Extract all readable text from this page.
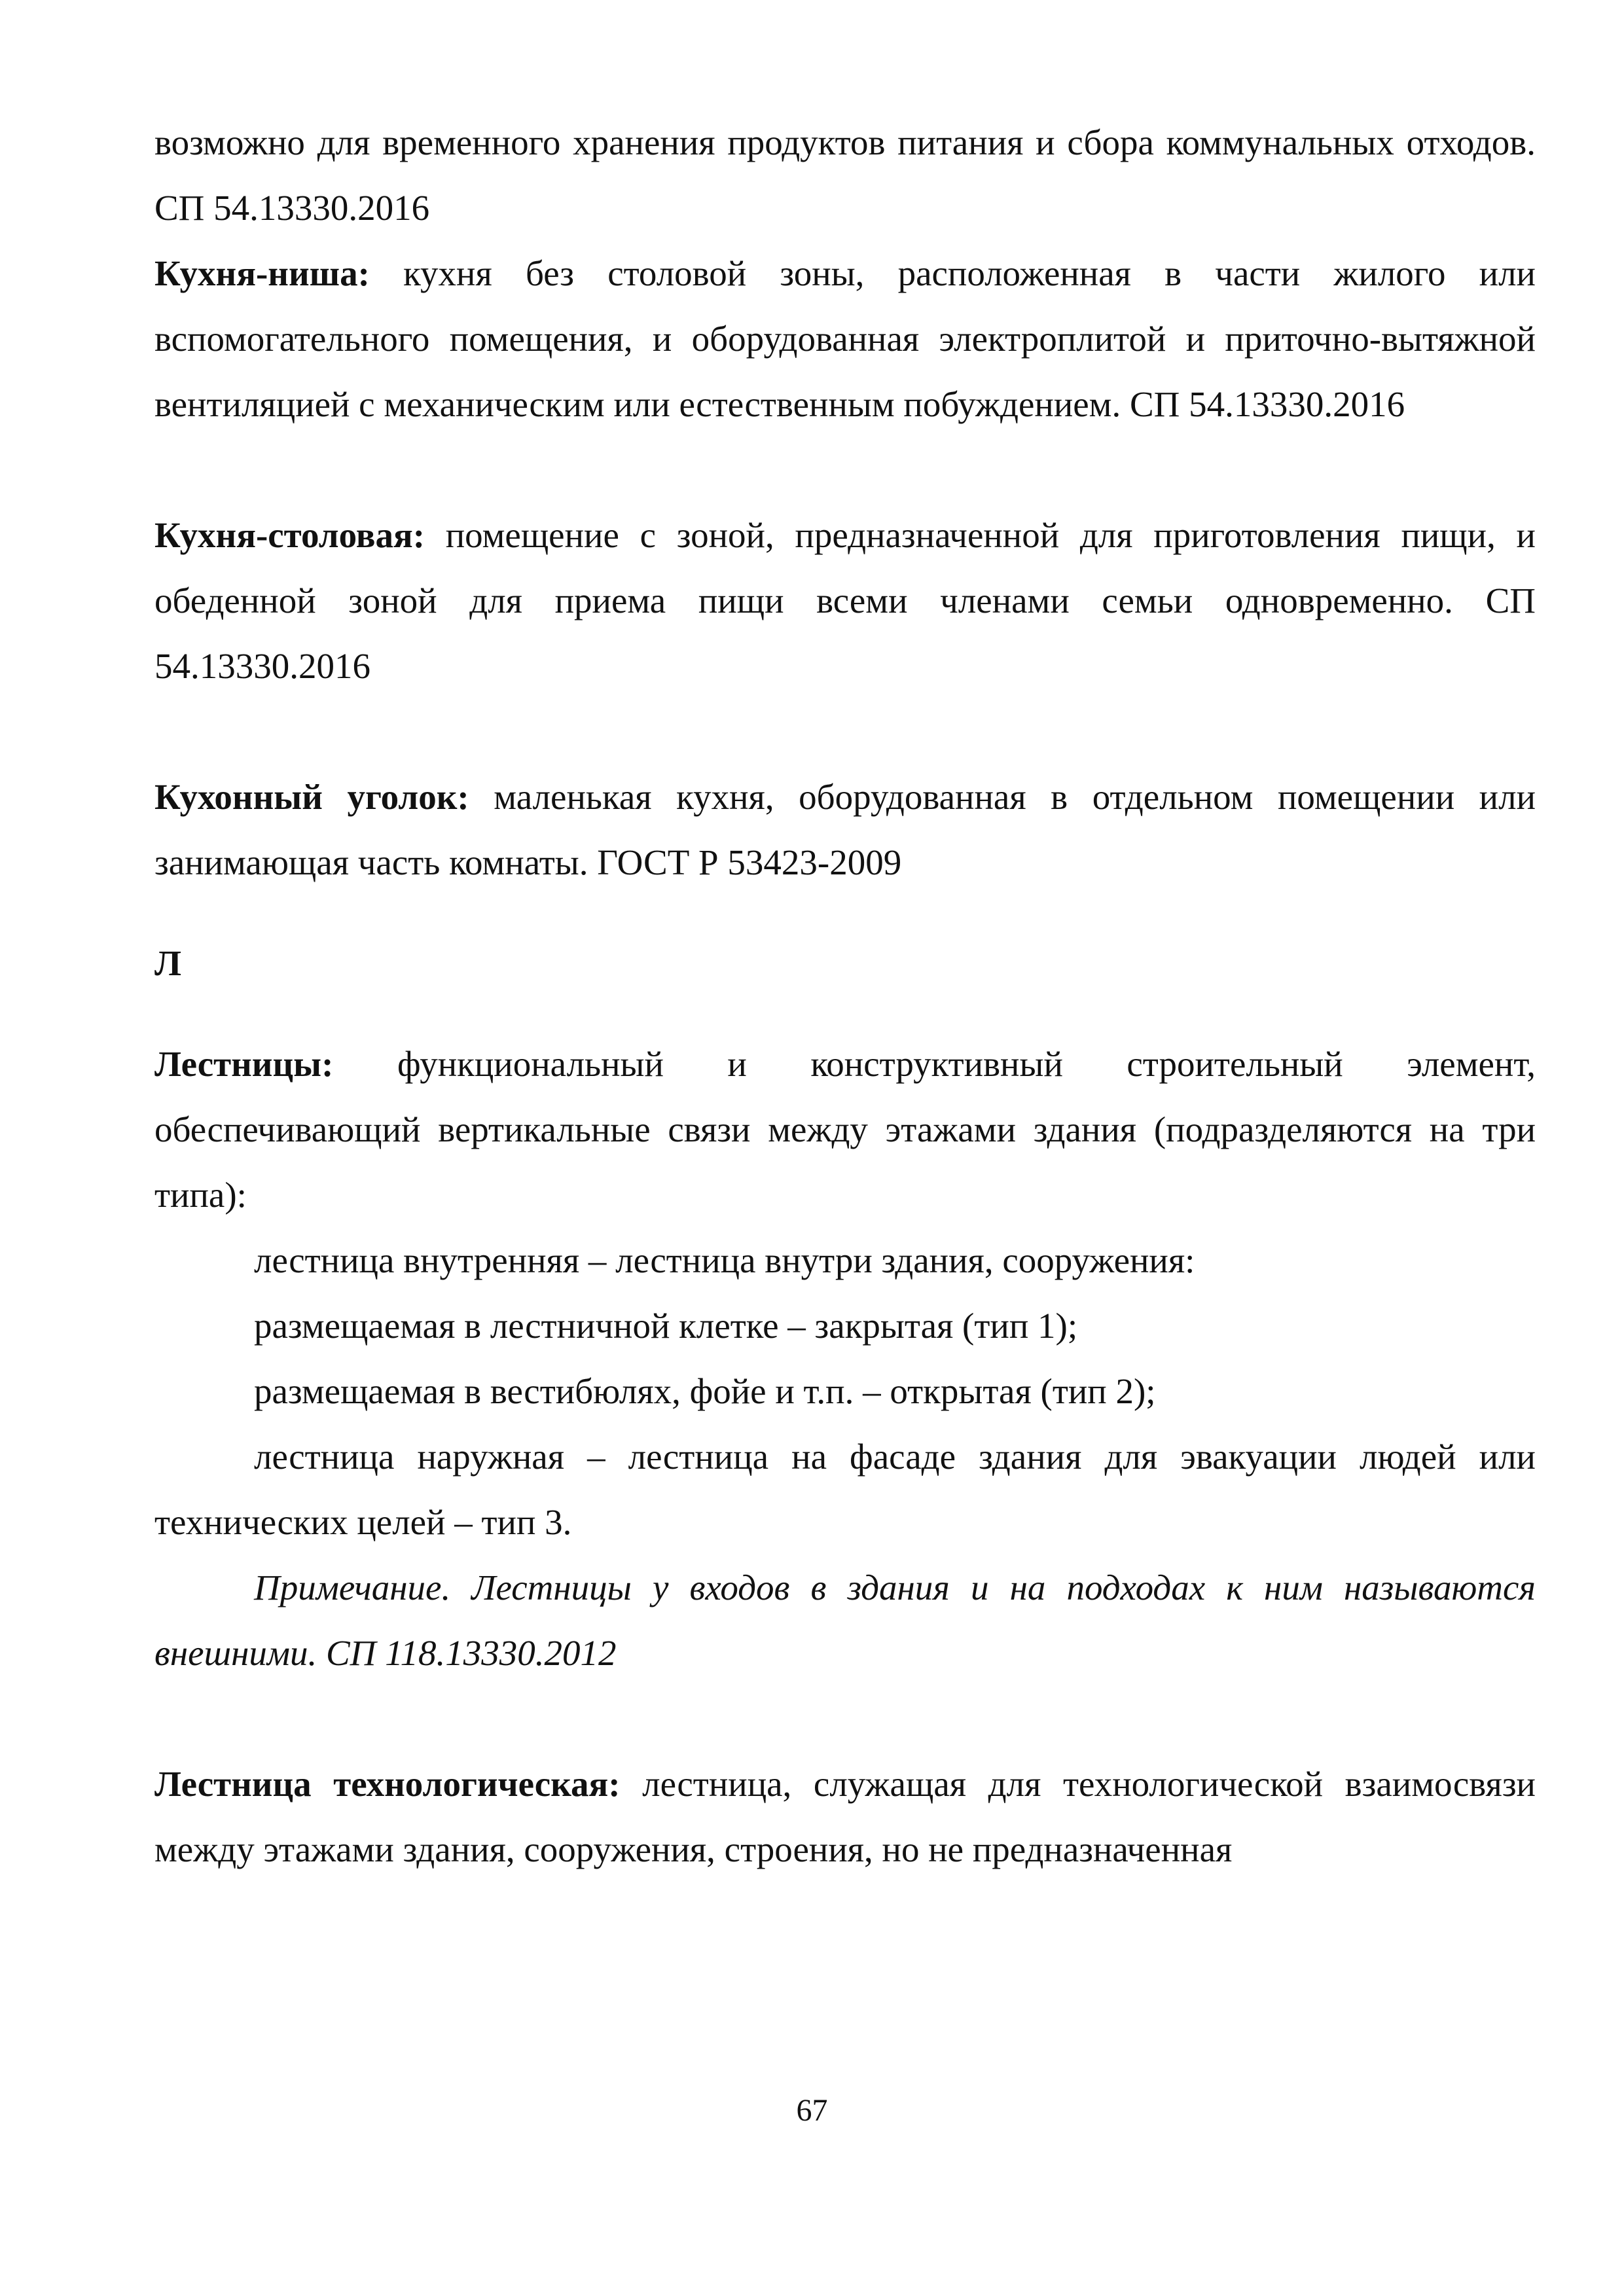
возможно для временного хранения продуктов питания и сбора коммунальных отходов. СП 54.13330.2016

Кухня-ниша: кухня без столовой зоны, расположенная в части жилого или вспомогательного помещения, и оборудованная электроплитой и приточно-вытяжной вентиляцией с механическим или естественным побуждением. СП 54.13330.2016

Кухня-столовая: помещение с зоной, предназначенной для приготовления пищи, и обеденной зоной для приема пищи всеми членами семьи одновременно. СП 54.13330.2016

Кухонный уголок: маленькая кухня, оборудованная в отдельном помещении или занимающая часть комнаты. ГОСТ Р 53423-2009

Л

Лестницы: функциональный и конструктивный строительный элемент, обеспечивающий вертикальные связи между этажами здания (подразделяются на три типа):

лестница внутренняя – лестница внутри здания, сооружения:

размещаемая в лестничной клетке – закрытая (тип 1);

размещаемая в вестибюлях, фойе и т.п. – открытая (тип 2);

лестница наружная – лестница на фасаде здания для эвакуации людей или технических целей – тип 3.

Примечание. Лестницы у входов в здания и на подходах к ним называются внешними. СП 118.13330.2012

Лестница технологическая: лестница, служащая для технологической взаимосвязи между этажами здания, сооружения, строения, но не предназначенная

67
